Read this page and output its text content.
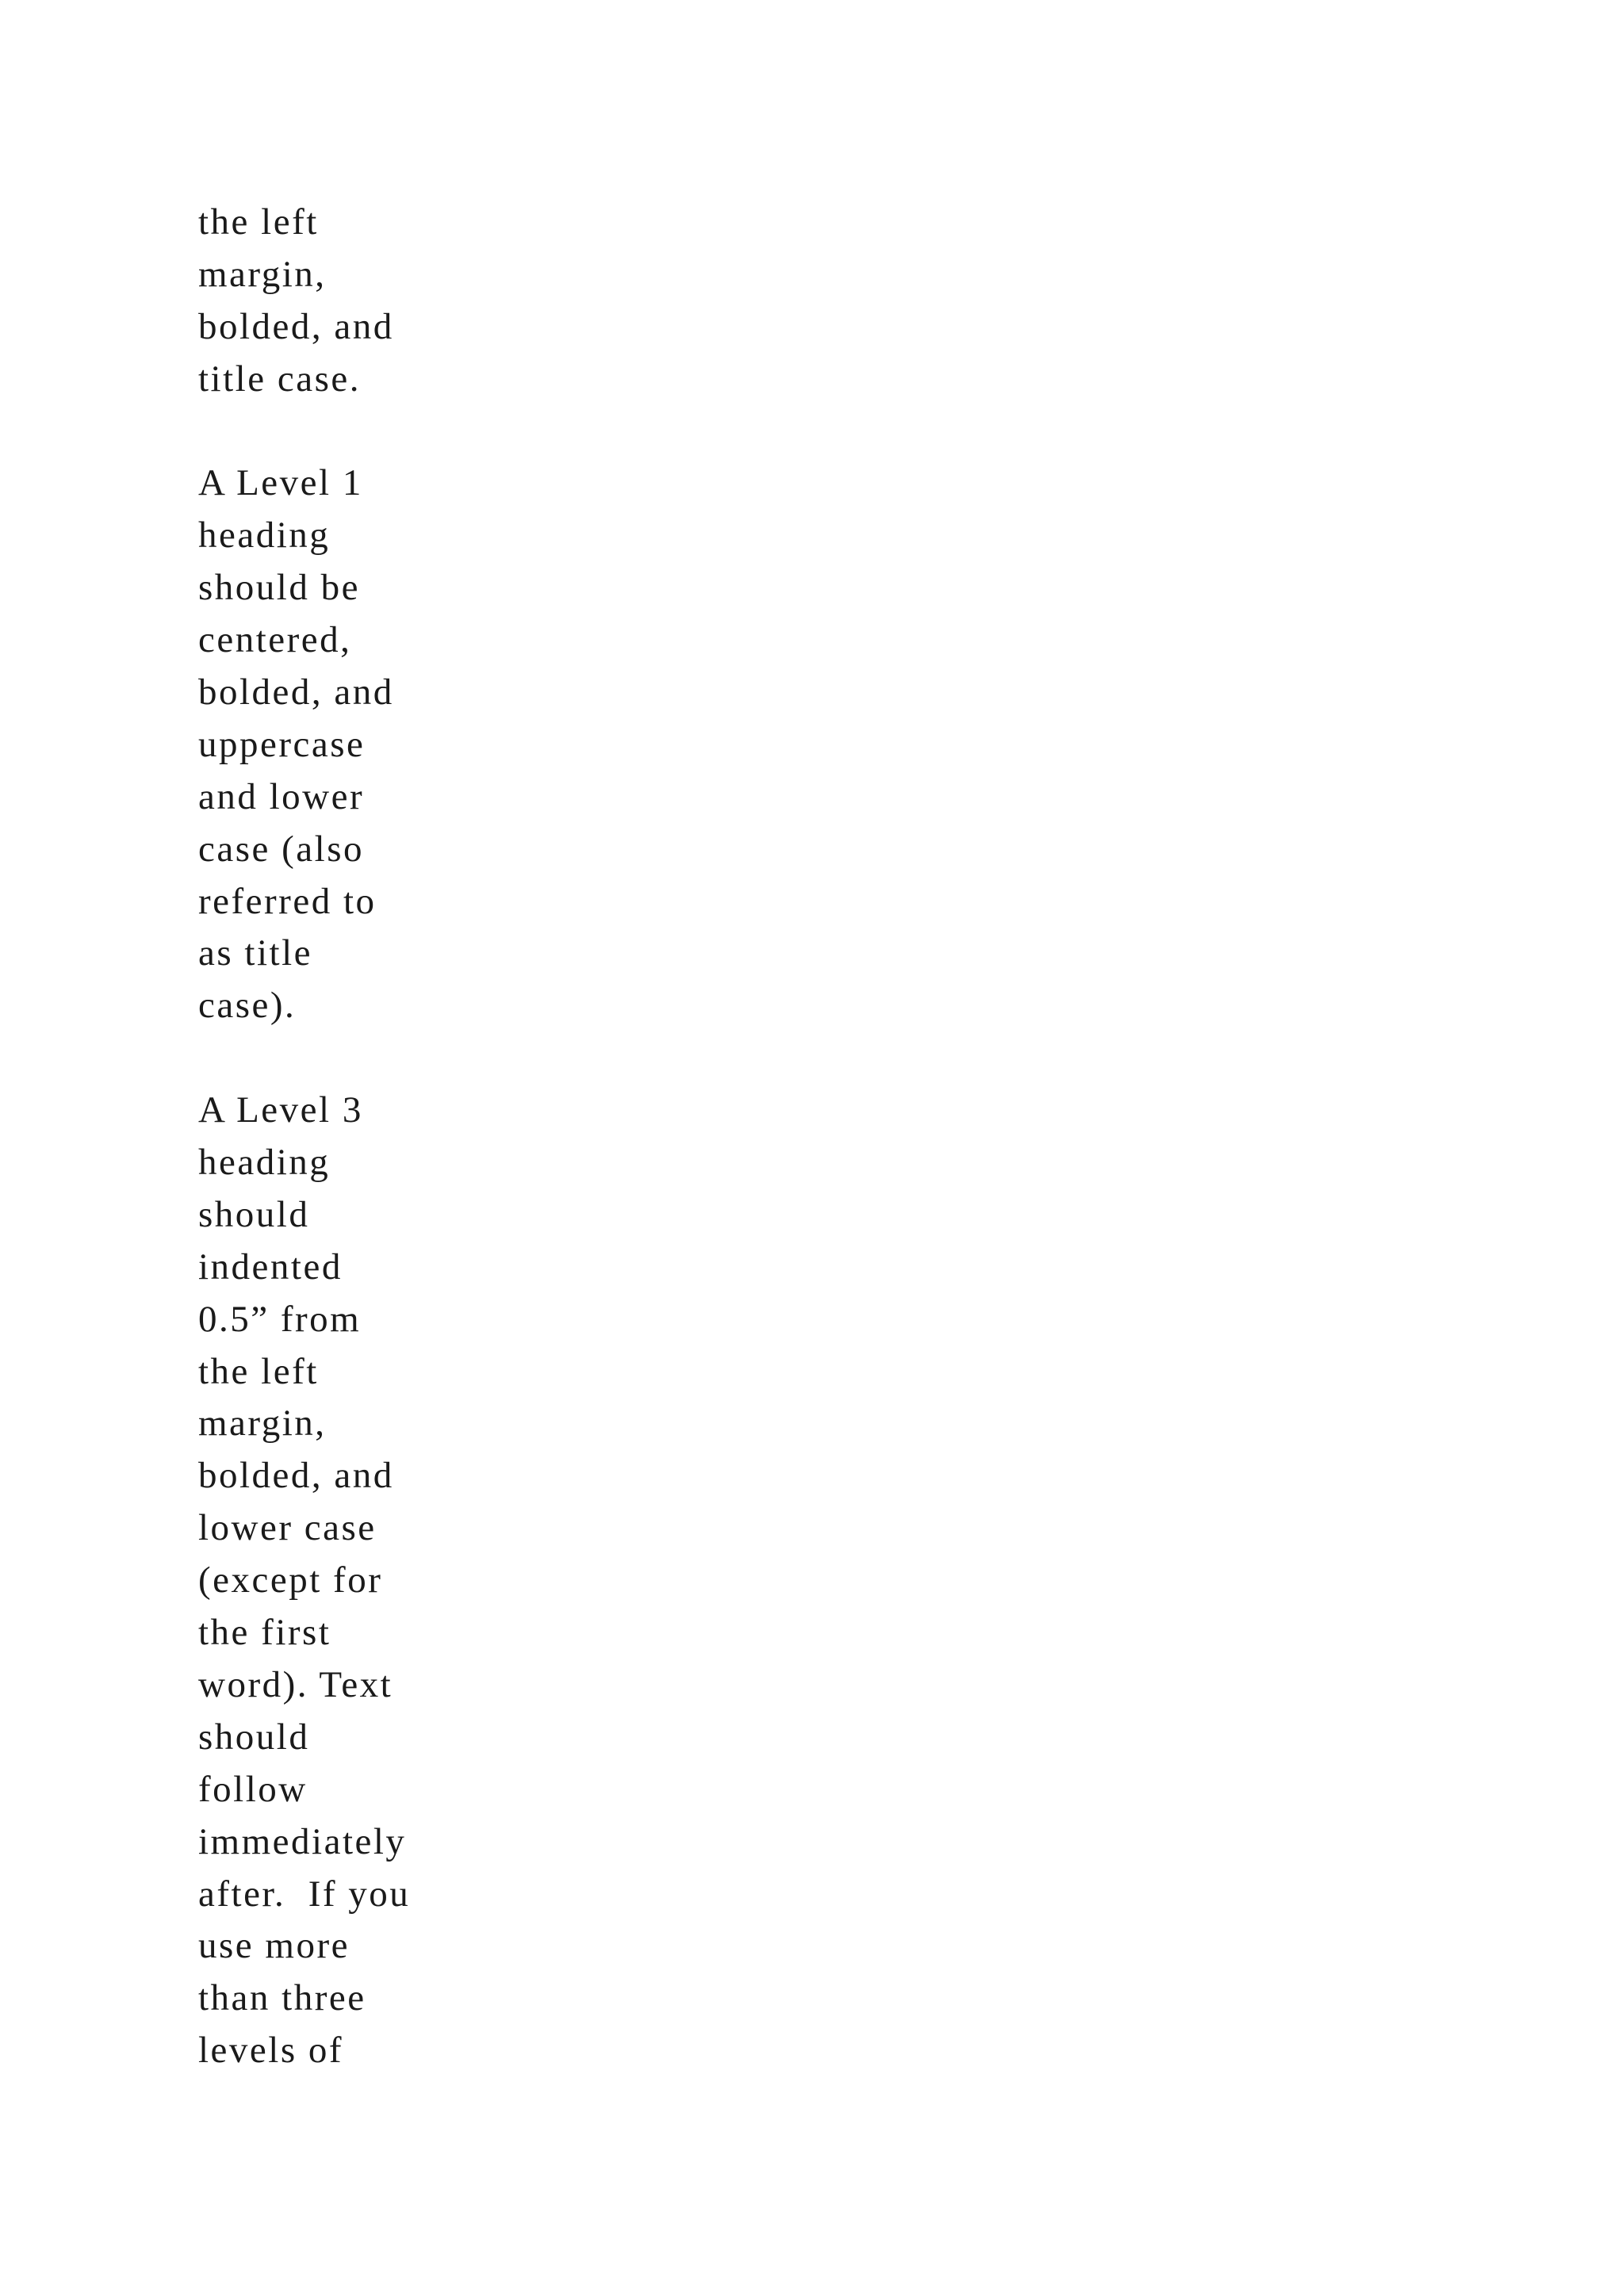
the left
margin,
bolded, and
title case.

A Level 1
heading
should be
centered,
bolded, and
uppercase
and lower
case (also
referred to
as title
case).

A Level 3
heading
should
indented
0.5” from
the left
margin,
bolded, and
lower case
(except for
the first
word). Text
should
follow
immediately
after.  If you
use more
than three
levels of
